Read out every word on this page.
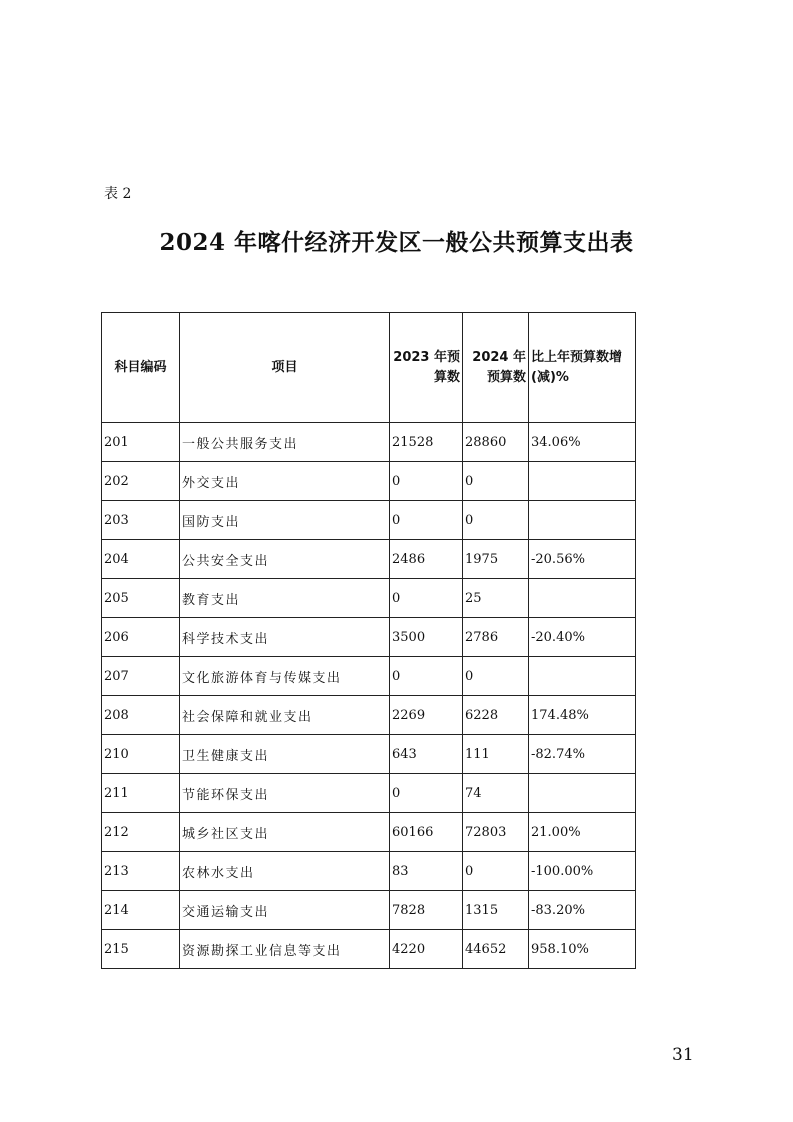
表 2
2024 年喀什经济开发区一般公共预算支出表
科目编码	项目	2023 年预算数	2024 年预算数	比上年预算数增(减)%
201	一般公共服务支出	21528	28860	34.06%
202	外交支出	0	0	
203	国防支出	0	0	
204	公共安全支出	2486	1975	-20.56%
205	教育支出	0	25	
206	科学技术支出	3500	2786	-20.40%
207	文化旅游体育与传媒支出	0	0	
208	社会保障和就业支出	2269	6228	174.48%
210	卫生健康支出	643	111	-82.74%
211	节能环保支出	0	74	
212	城乡社区支出	60166	72803	21.00%
213	农林水支出	83	0	-100.00%
214	交通运输支出	7828	1315	-83.20%
215	资源勘探工业信息等支出	4220	44652	958.10%
31
